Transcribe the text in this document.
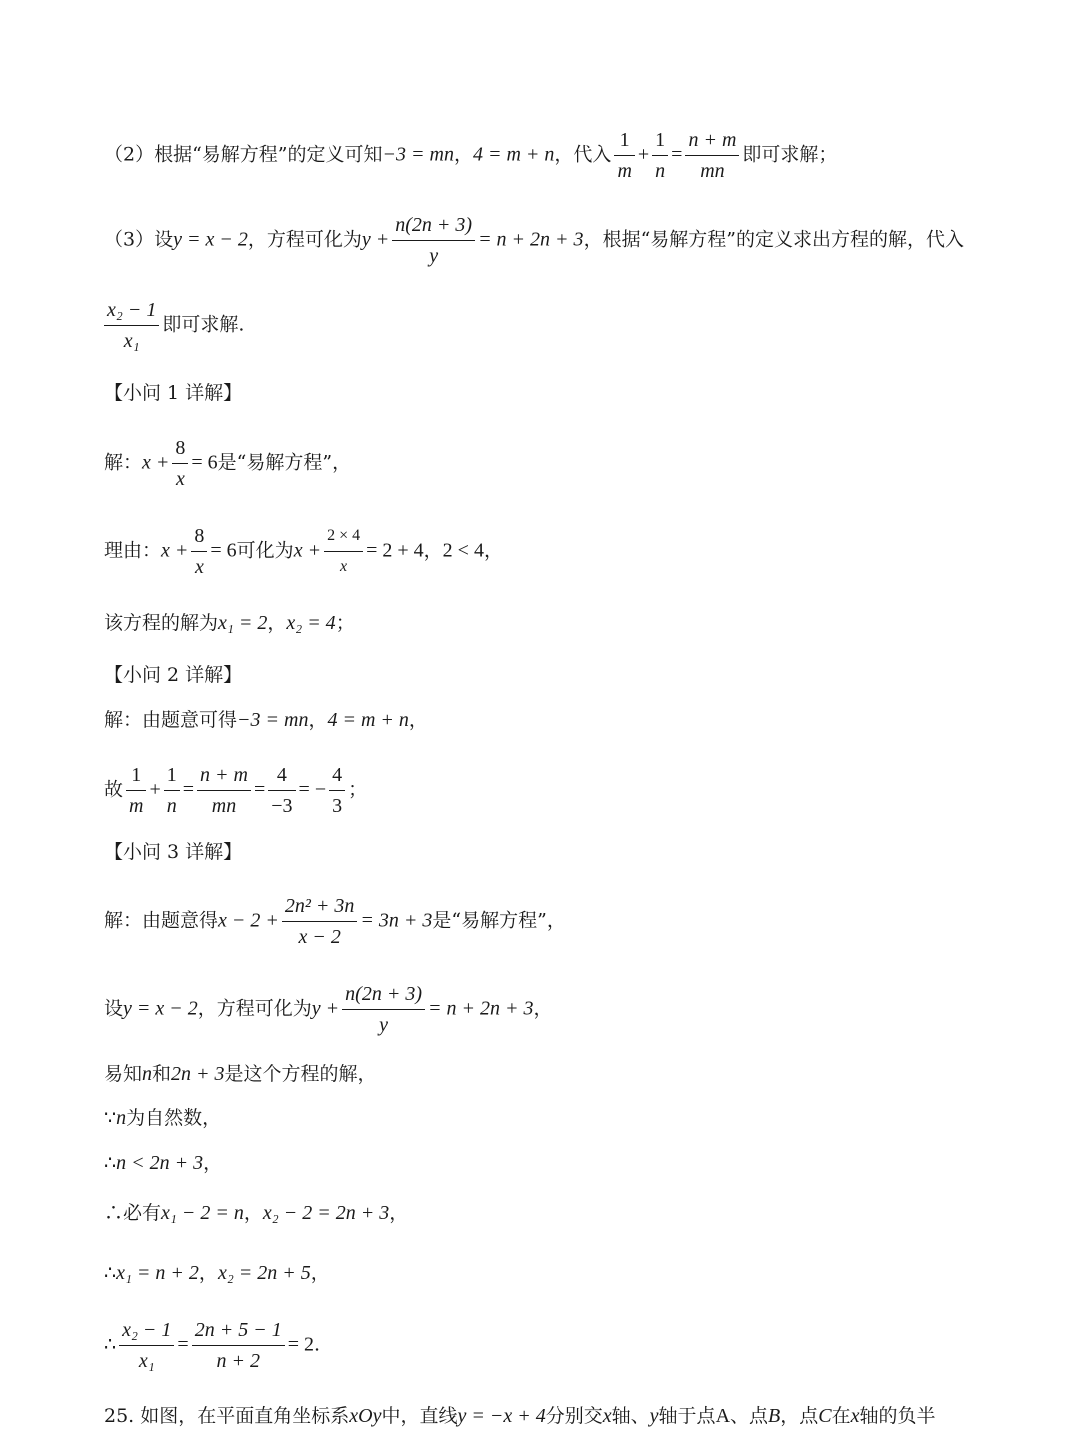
（2）根据“易解方程”的定义可知−3 = mn，4 = m + n，代入 $\frac{1}{m} + \frac{1}{n} = \frac{n + m}{mn}$ 即可求解；
（3）设y = x − 2，方程可化为$y + \frac{n(2n + 3)}{y} = n + 2n + 3$，根据“易解方程”的定义求出方程的解，代入
$\frac{\text{x₂ − 1}}{\text{x₁}}$ 即可求解.
【小问 1 详解】
解：$x + \frac{8}{x} = 6$是“易解方程”，
理由：$x + \frac{8}{x} = 6$可化为$x + \frac{2 \times 4}{x} = 2 + 4$，2 < 4，
该方程的解为x₁ = 2，x₂ = 4；
【小问 2 详解】
解：由题意可得−3 = mn，4 = m + n，
故 $\frac{1}{m} + \frac{1}{n} = \frac{n + m}{mn} = \frac{4}{-3}$ = − $\frac{4}{3}$ ；
【小问 3 详解】
解：由题意得$x - 2 + \frac{\text{2n² + 3n}}{x - 2} = 3n + 3$是“易解方程”，
设y = x − 2，方程可化为$y + \frac{n(2n + 3)}{y} = n + 2n + 3$，
易知n和2n + 3是这个方程的解，
∵n为自然数，
∴n < 2n + 3，
∴必有x₁ − 2 = n，x₂ − 2 = 2n + 3，
∴x₁ = n + 2，x₂ = 2n + 5，
∴ $\frac{\text{x₂ − 1}}{\text{x₁}} = \frac{2n + 5 - 1}{n + 2} = 2$.
25. 如图，在平面直角坐标系xOy中，直线y = −x + 4分别交x轴、y轴于点A、点B，点C在x轴的负半
